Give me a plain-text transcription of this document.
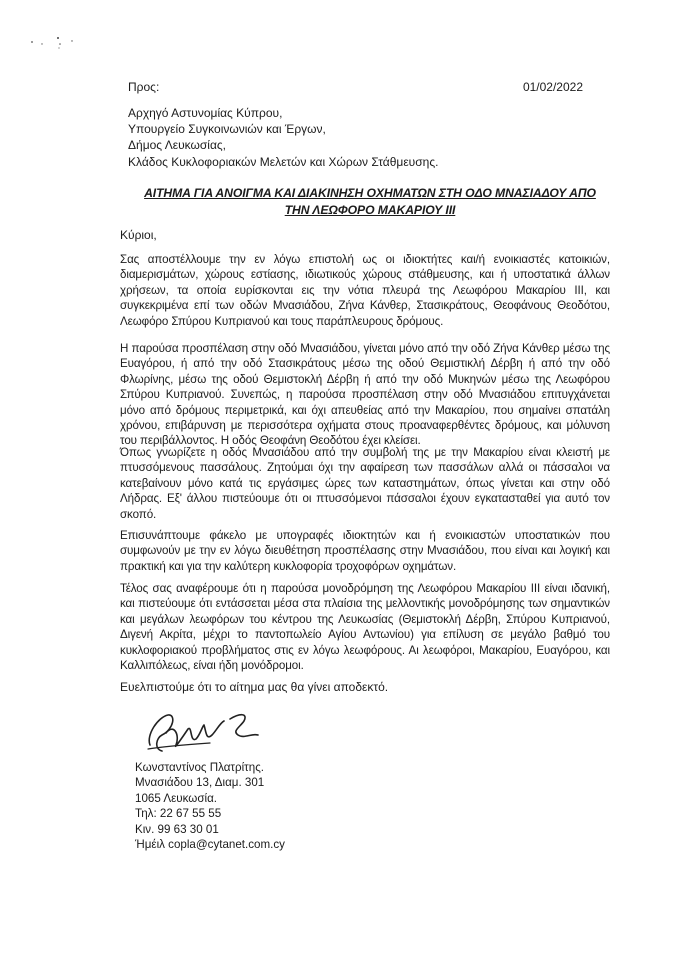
Προς:	01/02/2022
Αρχηγό Αστυνομίας Κύπρου,
Υπουργείο Συγκοινωνιών και Έργων,
Δήμος Λευκωσίας,
Κλάδος Κυκλοφοριακών Μελετών και Χώρων Στάθμευσης.
ΑΙΤΗΜΑ ΓΙΑ ΑΝΟΙΓΜΑ ΚΑΙ ΔΙΑΚΙΝΗΣΗ ΟΧΗΜΑΤΩΝ ΣΤΗ ΟΔΟ ΜΝΑΣΙΑΔΟΥ ΑΠΟ
ΤΗΝ ΛΕΩΦΟΡΟ ΜΑΚΑΡΙΟΥ ΙΙΙ
Κύριοι,
Σας αποστέλλουμε την εν λόγω επιστολή ως οι ιδιοκτήτες και/ή ενοικιαστές κατοικιών, διαμερισμάτων, χώρους εστίασης, ιδιωτικούς χώρους στάθμευσης, και ή υποστατικά άλλων χρήσεων, τα οποία ευρίσκονται εις την νότια πλευρά της Λεωφόρου Μακαρίου ΙΙΙ, και συγκεκριμένα επί των οδών Μνασιάδου, Ζήνα Κάνθερ, Στασικράτους, Θεοφάνους Θεοδότου, Λεωφόρο Σπύρου Κυπριανού και τους παράπλευρους δρόμους.
Η παρούσα προσπέλαση στην οδό Μνασιάδου, γίνεται μόνο από την οδό Ζήνα Κάνθερ μέσω της Ευαγόρου, ή από την οδό Στασικράτους μέσω της οδού Θεμιστικλή Δέρβη ή από την οδό Φλωρίνης, μέσω της οδού Θεμιστοκλή Δέρβη ή από την οδό Μυκηνών μέσω της Λεωφόρου Σπύρου Κυπριανού. Συνεπώς, η παρούσα προσπέλαση στην οδό Μνασιάδου επιτυγχάνεται μόνο από δρόμους περιμετρικά, και όχι απευθείας από την Μακαρίου, που σημαίνει σπατάλη χρόνου, επιβάρυνση με περισσότερα οχήματα στους προαναφερθέντες δρόμους, και μόλυνση του περιβάλλοντος. Η οδός Θεοφάνη Θεοδότου έχει κλείσει.
Όπως γνωρίζετε η οδός Μνασιάδου από την συμβολή της με την Μακαρίου είναι κλειστή με πτυσσόμενους πασσάλους. Ζητούμαι όχι την αφαίρεση των πασσάλων αλλά οι πάσσαλοι να κατεβαίνουν μόνο κατά τις εργάσιμες ώρες των καταστημάτων, όπως γίνεται και στην οδό Λήδρας. Εξ' άλλου πιστεύουμε ότι οι πτυσσόμενοι πάσσαλοι έχουν εγκατασταθεί για αυτό τον σκοπό.
Επισυνάπτουμε φάκελο με υπογραφές ιδιοκτητών και ή ενοικιαστών υποστατικών που συμφωνούν με την εν λόγω διευθέτηση προσπέλασης στην Μνασιάδου, που είναι και λογική και πρακτική και για την καλύτερη κυκλοφορία τροχοφόρων οχημάτων.
Τέλος σας αναφέρουμε ότι η παρούσα μονοδρόμηση της Λεωφόρου Μακαρίου ΙΙΙ είναι ιδανική, και πιστεύουμε ότι εντάσσεται μέσα στα πλαίσια της μελλοντικής μονοδρόμησης των σημαντικών και μεγάλων λεωφόρων του κέντρου της Λευκωσίας (Θεμιστοκλή Δέρβη, Σπύρου Κυπριανού, Διγενή Ακρίτα, μέχρι το παντοπωλείο Αγίου Αντωνίου) για επίλυση σε μεγάλο βαθμό του κυκλοφοριακού προβλήματος στις εν λόγω λεωφόρους. Αι λεωφόροι, Μακαρίου, Ευαγόρου, και Καλλιπόλεως, είναι ήδη μονόδρομοι.
Ευελπιστούμε ότι το αίτημα μας θα γίνει αποδεκτό.
Κωνσταντίνος Πλατρίτης.
Μνασιάδου 13, Διαμ. 301
1065 Λευκωσία.
Τηλ: 22 67 55 55
Κιν. 99 63 30 01
Ήμέιλ copla@cytanet.com.cy
